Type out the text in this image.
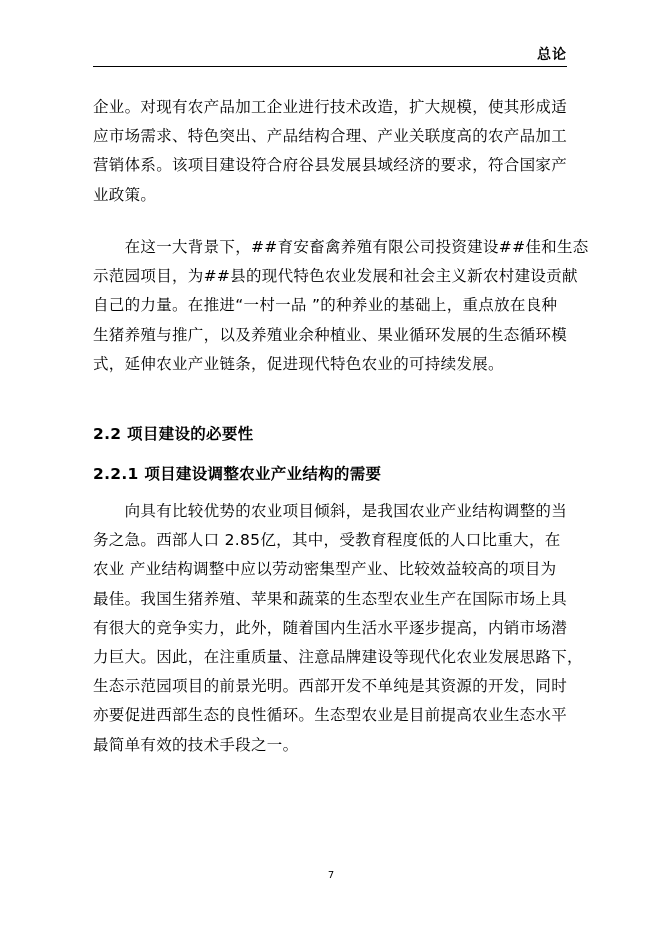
总论
企业。对现有农产品加工企业进行技术改造，扩大规模，使其形成适
应市场需求、特色突出、产品结构合理、产业关联度高的农产品加工
营销体系。该项目建设符合府谷县发展县域经济的要求，符合国家产
业政策。
　　在这一大背景下，##育安畜禽养殖有限公司投资建设##佳和生态
示范园项目，为##县的现代特色农业发展和社会主义新农村建设贡献
自己的力量。在推进“一村一品 ”的种养业的基础上，重点放在良种
生猪养殖与推广，以及养殖业余种植业、果业循环发展的生态循环模
式，延伸农业产业链条，促进现代特色农业的可持续发展。
2.2 项目建设的必要性
2.2.1 项目建设调整农业产业结构的需要
　　向具有比较优势的农业项目倾斜，是我国农业产业结构调整的当
务之急。西部人口 2.85亿，其中，受教育程度低的人口比重大，在
农业 产业结构调整中应以劳动密集型产业、比较效益较高的项目为
最佳。我国生猪养殖、苹果和蔬菜的生态型农业生产在国际市场上具
有很大的竞争实力，此外，随着国内生活水平逐步提高，内销市场潜
力巨大。因此，在注重质量、注意品牌建设等现代化农业发展思路下，
生态示范园项目的前景光明。西部开发不单纯是其资源的开发，同时
亦要促进西部生态的良性循环。生态型农业是目前提高农业生态水平
最简单有效的技术手段之一。
7
